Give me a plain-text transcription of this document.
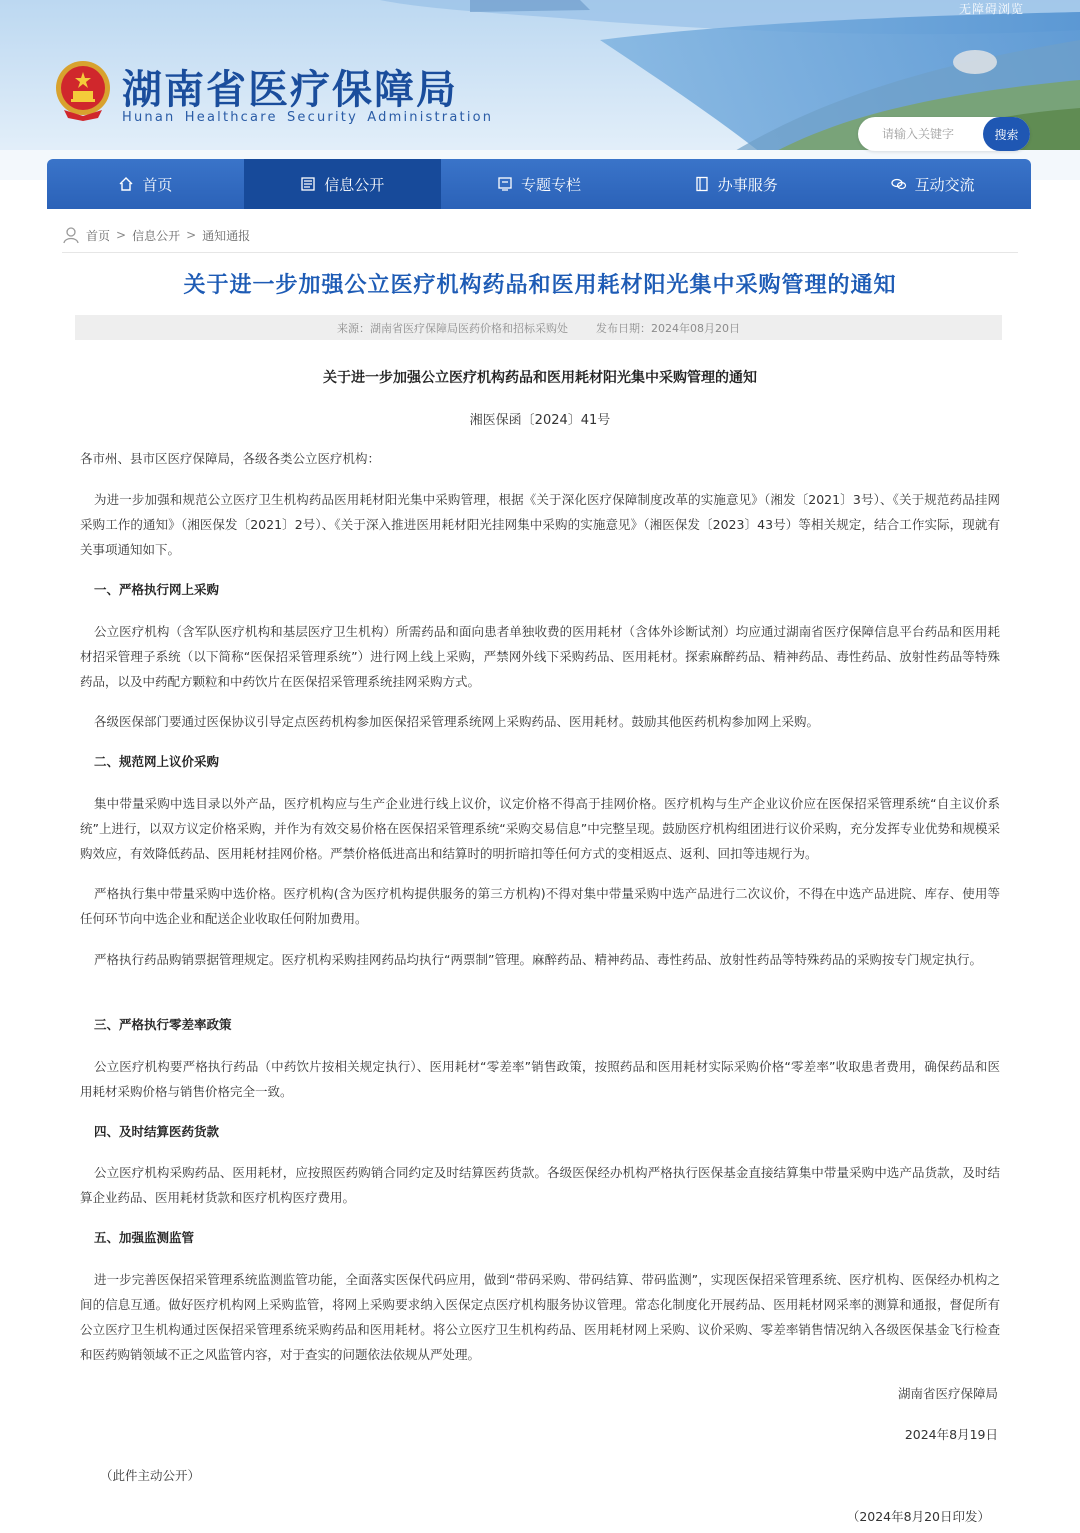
无障碍浏览
湖南省医疗保障局
Hunan Healthcare Security Administration
请输入关键字
搜索
首页	信息公开	专题专栏	办事服务	互动交流
首页 > 信息公开 > 通知通报
关于进一步加强公立医疗机构药品和医用耗材阳光集中采购管理的通知
来源：湖南省医疗保障局医药价格和招标采购处	发布日期：2024年08月20日
关于进一步加强公立医疗机构药品和医用耗材阳光集中采购管理的通知
湘医保函〔2024〕41号
各市州、县市区医疗保障局，各级各类公立医疗机构：
为进一步加强和规范公立医疗卫生机构药品医用耗材阳光集中采购管理，根据《关于深化医疗保障制度改革的实施意见》（湘发〔2021〕3号）、《关于规范药品挂网采购工作的通知》（湘医保发〔2021〕2号）、《关于深入推进医用耗材阳光挂网集中采购的实施意见》（湘医保发〔2023〕43号）等相关规定，结合工作实际，现就有关事项通知如下。
一、严格执行网上采购
公立医疗机构（含军队医疗机构和基层医疗卫生机构）所需药品和面向患者单独收费的医用耗材（含体外诊断试剂）均应通过湖南省医疗保障信息平台药品和医用耗材招采管理子系统（以下简称“医保招采管理系统”）进行网上线上采购，严禁网外线下采购药品、医用耗材。探索麻醉药品、精神药品、毒性药品、放射性药品等特殊药品，以及中药配方颗粒和中药饮片在医保招采管理系统挂网采购方式。
各级医保部门要通过医保协议引导定点医药机构参加医保招采管理系统网上采购药品、医用耗材。鼓励其他医药机构参加网上采购。
二、规范网上议价采购
集中带量采购中选目录以外产品，医疗机构应与生产企业进行线上议价，议定价格不得高于挂网价格。医疗机构与生产企业议价应在医保招采管理系统“自主议价系统”上进行，以双方议定价格采购，并作为有效交易价格在医保招采管理系统“采购交易信息”中完整呈现。鼓励医疗机构组团进行议价采购，充分发挥专业优势和规模采购效应，有效降低药品、医用耗材挂网价格。严禁价格低进高出和结算时的明折暗扣等任何方式的变相返点、返利、回扣等违规行为。
严格执行集中带量采购中选价格。医疗机构(含为医疗机构提供服务的第三方机构)不得对集中带量采购中选产品进行二次议价，不得在中选产品进院、库存、使用等任何环节向中选企业和配送企业收取任何附加费用。
严格执行药品购销票据管理规定。医疗机构采购挂网药品均执行“两票制”管理。麻醉药品、精神药品、毒性药品、放射性药品等特殊药品的采购按专门规定执行。
三、严格执行零差率政策
公立医疗机构要严格执行药品（中药饮片按相关规定执行）、医用耗材“零差率”销售政策，按照药品和医用耗材实际采购价格“零差率”收取患者费用，确保药品和医用耗材采购价格与销售价格完全一致。
四、及时结算医药货款
公立医疗机构采购药品、医用耗材，应按照医药购销合同约定及时结算医药货款。各级医保经办机构严格执行医保基金直接结算集中带量采购中选产品货款，及时结算企业药品、医用耗材货款和医疗机构医疗费用。
五、加强监测监管
进一步完善医保招采管理系统监测监管功能，全面落实医保代码应用，做到“带码采购、带码结算、带码监测”，实现医保招采管理系统、医疗机构、医保经办机构之间的信息互通。做好医疗机构网上采购监管，将网上采购要求纳入医保定点医疗机构服务协议管理。常态化制度化开展药品、医用耗材网采率的测算和通报，督促所有公立医疗卫生机构通过医保招采管理系统采购药品和医用耗材。将公立医疗卫生机构药品、医用耗材网上采购、议价采购、零差率销售情况纳入各级医保基金飞行检查和医药购销领域不正之风监管内容，对于查实的问题依法依规从严处理。
湖南省医疗保障局
2024年8月19日
（此件主动公开）
（2024年8月20日印发）
